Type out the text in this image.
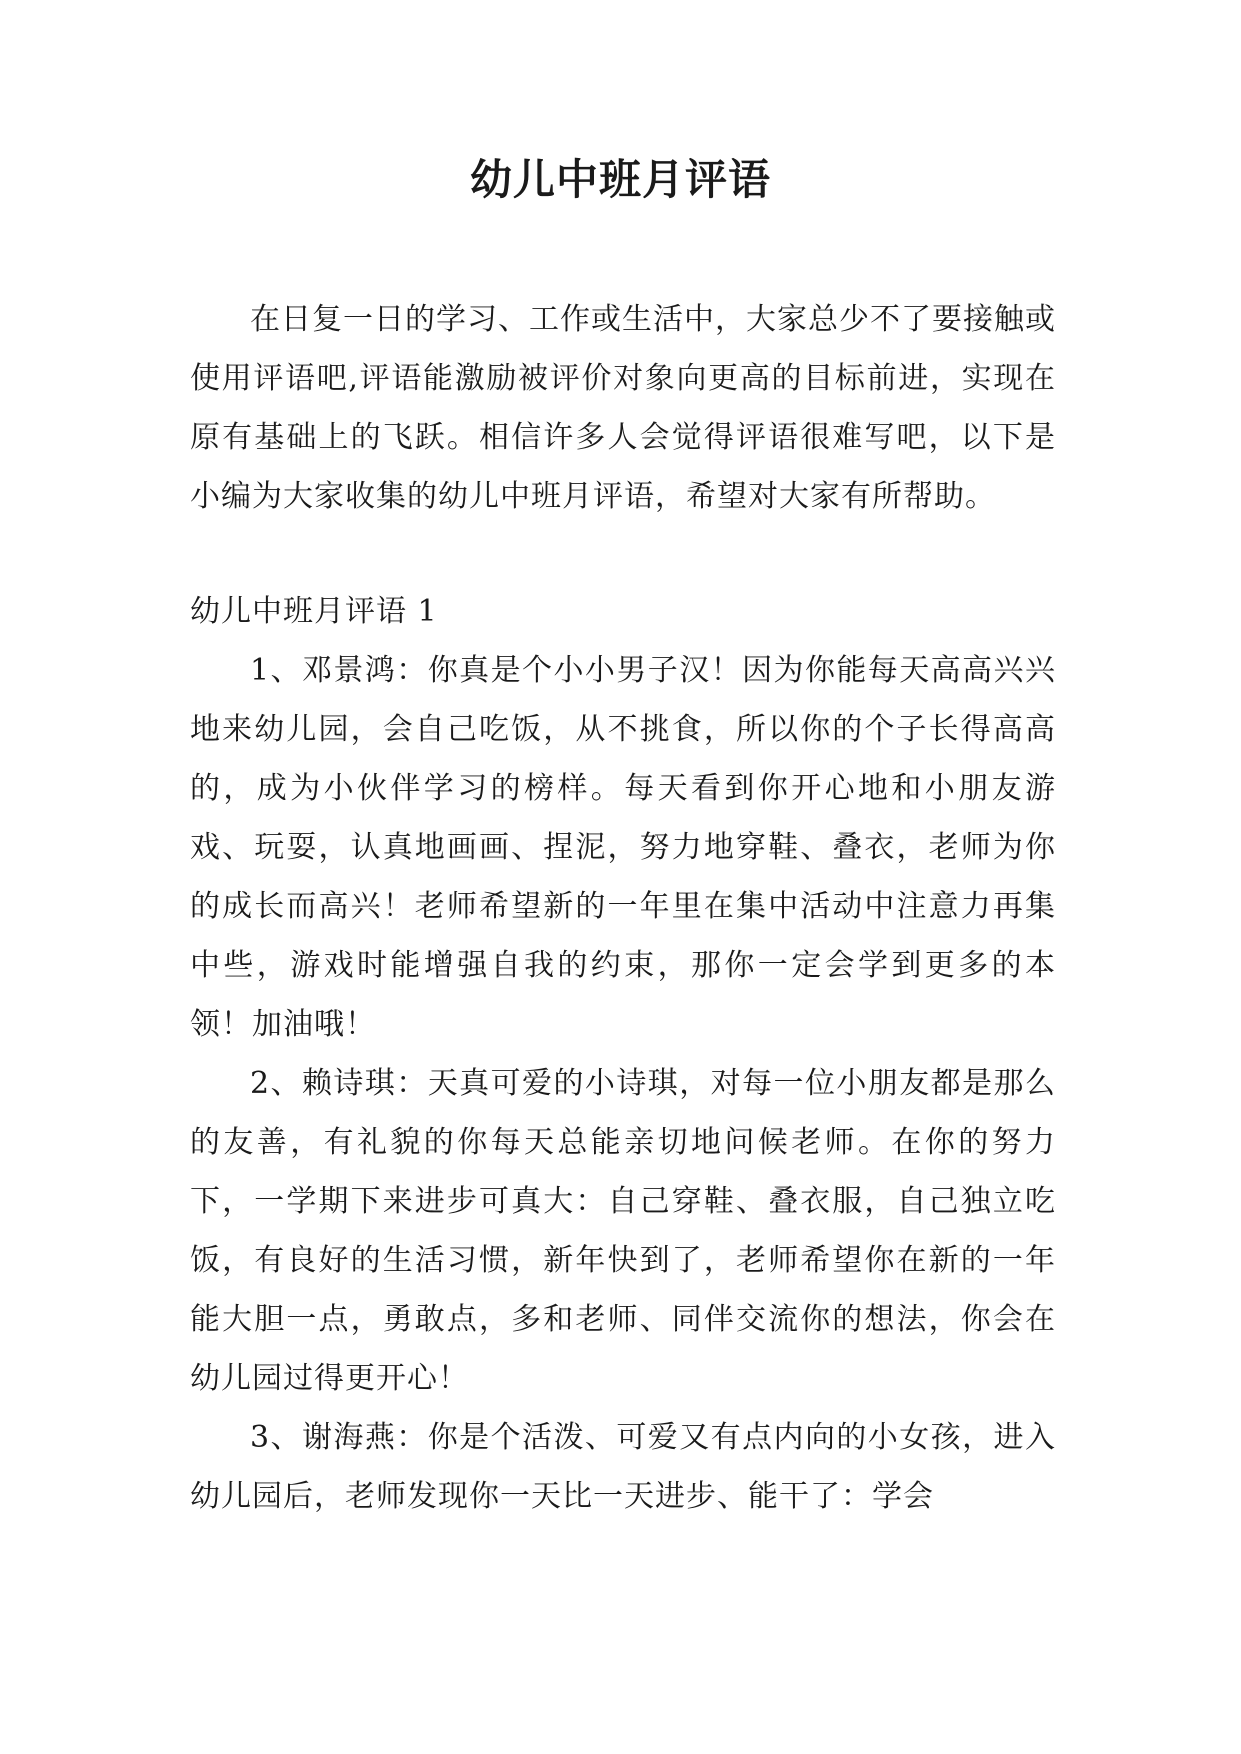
幼儿中班月评语

在日复一日的学习、工作或生活中，大家总少不了要接触或使用评语吧,评语能激励被评价对象向更高的目标前进，实现在原有基础上的飞跃。相信许多人会觉得评语很难写吧，以下是小编为大家收集的幼儿中班月评语，希望对大家有所帮助。

幼儿中班月评语 1

1、邓景鸿：你真是个小小男子汉！因为你能每天高高兴兴地来幼儿园，会自己吃饭，从不挑食，所以你的个子长得高高的，成为小伙伴学习的榜样。每天看到你开心地和小朋友游戏、玩耍，认真地画画、捏泥，努力地穿鞋、叠衣，老师为你的成长而高兴！老师希望新的一年里在集中活动中注意力再集中些，游戏时能增强自我的约束，那你一定会学到更多的本领！加油哦！

2、赖诗琪：天真可爱的小诗琪，对每一位小朋友都是那么的友善，有礼貌的你每天总能亲切地问候老师。在你的努力下，一学期下来进步可真大：自己穿鞋、叠衣服，自己独立吃饭，有良好的生活习惯，新年快到了，老师希望你在新的一年能大胆一点，勇敢点，多和老师、同伴交流你的想法，你会在幼儿园过得更开心！

3、谢海燕：你是个活泼、可爱又有点内向的小女孩，进入幼儿园后，老师发现你一天比一天进步、能干了：学会
